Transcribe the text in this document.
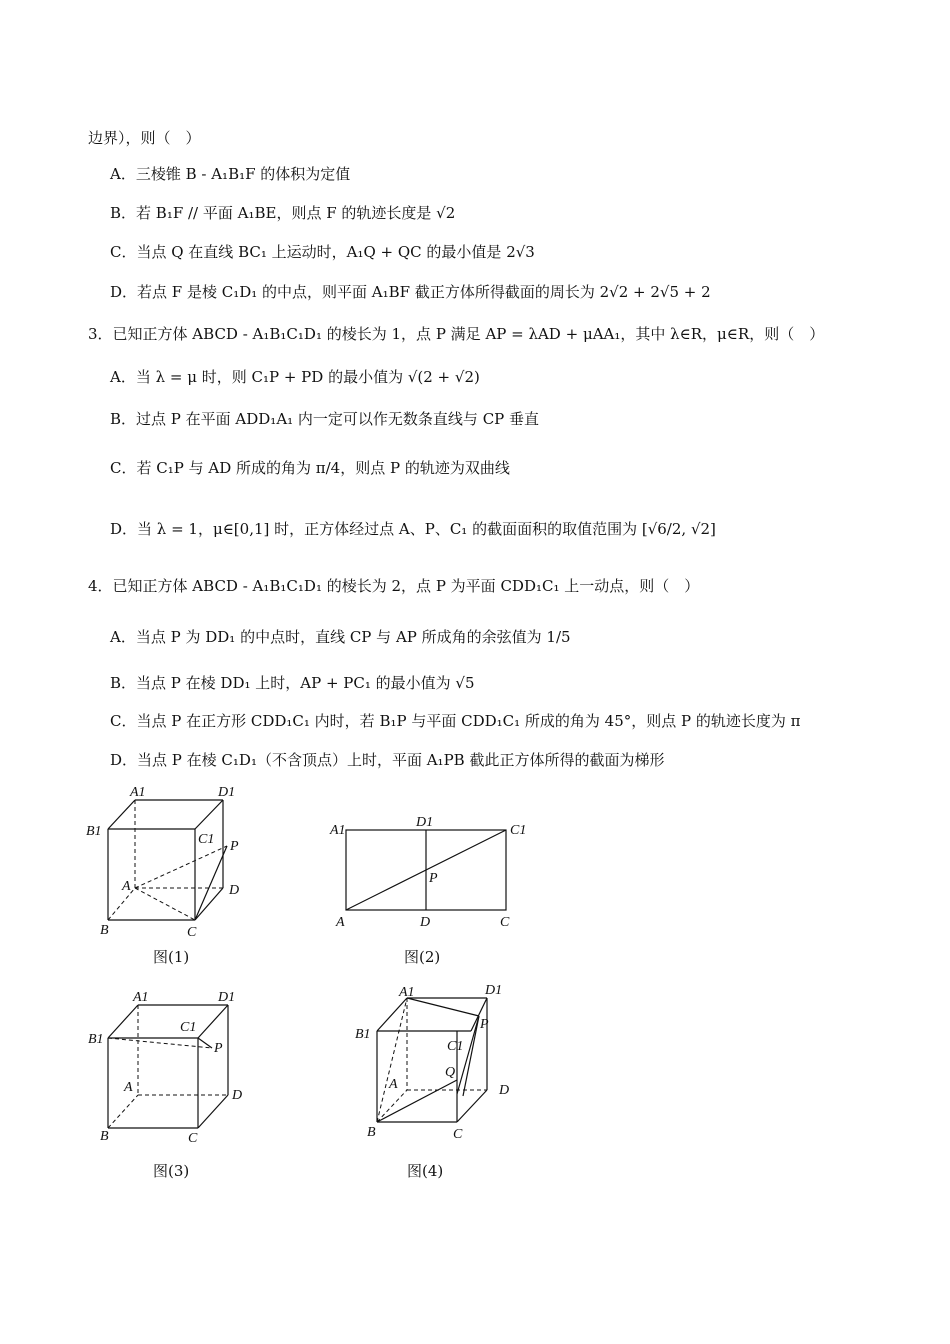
边界），则（　）
A．三棱锥 B - A₁B₁F 的体积为定值
B．若 B₁F // 平面 A₁BE，则点 F 的轨迹长度是 √2
C．当点 Q 在直线 BC₁ 上运动时，A₁Q + QC 的最小值是 2√3
D．若点 F 是棱 C₁D₁ 的中点，则平面 A₁BF 截正方体所得截面的周长为 2√2 + 2√5 + 2
3．已知正方体 ABCD - A₁B₁C₁D₁ 的棱长为 1，点 P 满足 AP = λAD + μAA₁，其中 λ∈R，μ∈R，则（　）
A．当 λ = μ 时，则 C₁P + PD 的最小值为 √(2 + √2)
B．过点 P 在平面 ADD₁A₁ 内一定可以作无数条直线与 CP 垂直
C．若 C₁P 与 AD 所成的角为 π/4，则点 P 的轨迹为双曲线
D．当 λ = 1，μ∈[0,1] 时，正方体经过点 A、P、C₁ 的截面面积的取值范围为 [√6/2, √2]
4．已知正方体 ABCD - A₁B₁C₁D₁ 的棱长为 2，点 P 为平面 CDD₁C₁ 上一动点，则（　）
A．当点 P 为 DD₁ 的中点时，直线 CP 与 AP 所成角的余弦值为 1/5
B．当点 P 在棱 DD₁ 上时，AP + PC₁ 的最小值为 √5
C．当点 P 在正方形 CDD₁C₁ 内时，若 B₁P 与平面 CDD₁C₁ 所成的角为 45°，则点 P 的轨迹长度为 π
D．当点 P 在棱 C₁D₁（不含顶点）上时，平面 A₁PB 截此正方体所得的截面为梯形
A1	D1
B1
C1 P
A	D
B	C
图(1)
A1
D1
C1
P
A	D	C
图(2)
A1	D1
B1
C1
P
A
D
B	C
图(3)
A1	D1
B1
C1
P
Q
A	D
B	C
图(4)
